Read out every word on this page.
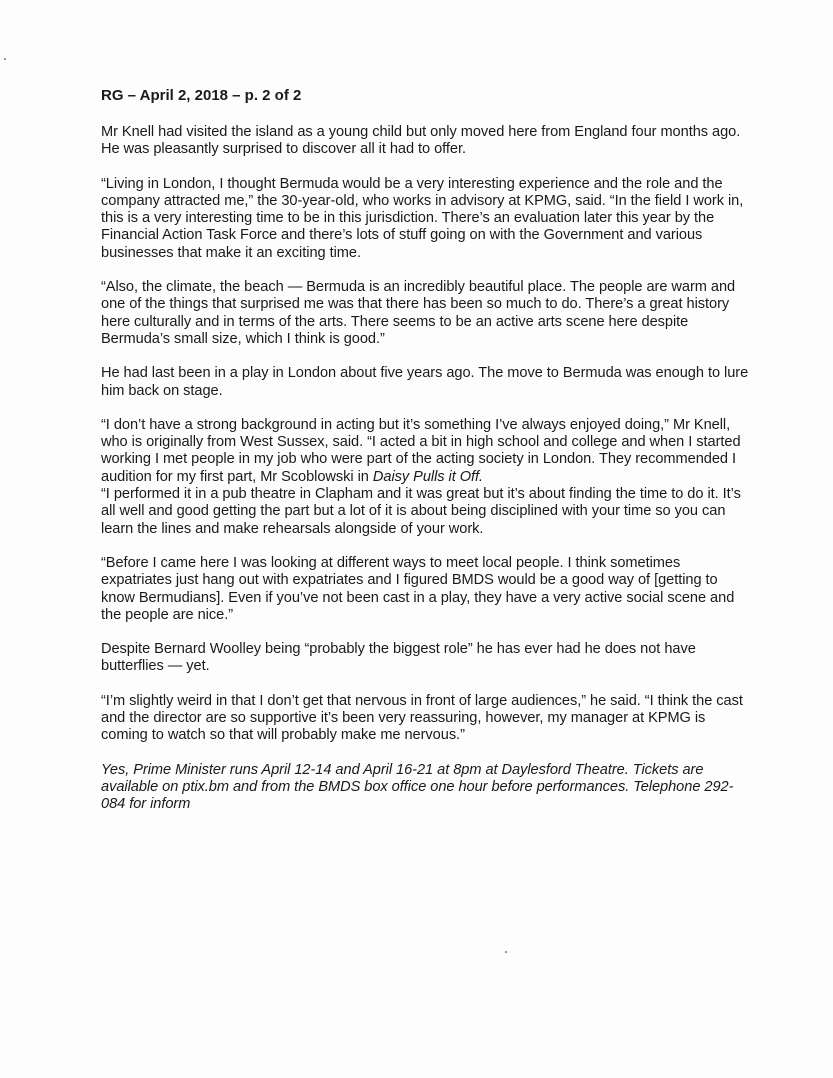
RG – April 2, 2018 – p. 2 of 2

Mr Knell had visited the island as a young child but only moved here from England four months ago. He was pleasantly surprised to discover all it had to offer.

“Living in London, I thought Bermuda would be a very interesting experience and the role and the company attracted me,” the 30-year-old, who works in advisory at KPMG, said. “In the field I work in, this is a very interesting time to be in this jurisdiction. There’s an evaluation later this year by the Financial Action Task Force and there’s lots of stuff going on with the Government and various businesses that make it an exciting time.

“Also, the climate, the beach — Bermuda is an incredibly beautiful place. The people are warm and one of the things that surprised me was that there has been so much to do. There’s a great history here culturally and in terms of the arts. There seems to be an active arts scene here despite Bermuda’s small size, which I think is good.”

He had last been in a play in London about five years ago. The move to Bermuda was enough to lure him back on stage.

“I don’t have a strong background in acting but it’s something I’ve always enjoyed doing,” Mr Knell, who is originally from West Sussex, said. “I acted a bit in high school and college and when I started working I met people in my job who were part of the acting society in London. They recommended I audition for my first part, Mr Scoblowski in Daisy Pulls it Off.

“I performed it in a pub theatre in Clapham and it was great but it’s about finding the time to do it. It’s all well and good getting the part but a lot of it is about being disciplined with your time so you can learn the lines and make rehearsals alongside of your work.

“Before I came here I was looking at different ways to meet local people. I think sometimes expatriates just hang out with expatriates and I figured BMDS would be a good way of [getting to know Bermudians]. Even if you’ve not been cast in a play, they have a very active social scene and the people are nice.”

Despite Bernard Woolley being “probably the biggest role” he has ever had he does not have butterflies — yet.

“I’m slightly weird in that I don’t get that nervous in front of large audiences,” he said. “I think the cast and the director are so supportive it’s been very reassuring, however, my manager at KPMG is coming to watch so that will probably make me nervous.”

Yes, Prime Minister runs April 12-14 and April 16-21 at 8pm at Daylesford Theatre. Tickets are available on ptix.bm and from the BMDS box office one hour before performances. Telephone 292-084 for inform
